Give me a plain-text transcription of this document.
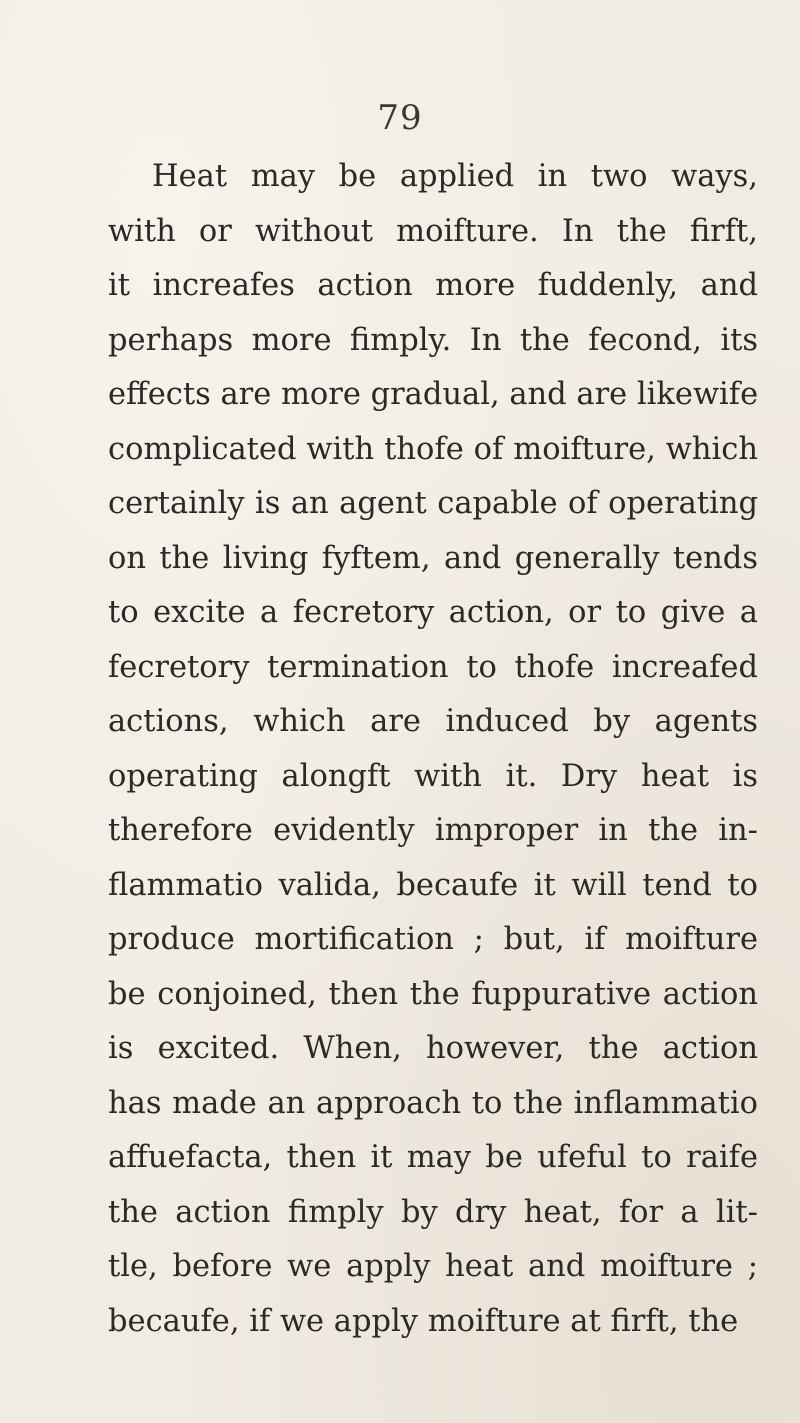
79
Heat may be applied in two ways,
with or without moifture. In the firft,
it increafes action more fuddenly, and
perhaps more fimply. In the fecond, its
effects are more gradual, and are likewife
complicated with thofe of moifture, which
certainly is an agent capable of operating
on the living fyftem, and generally tends
to excite a fecretory action, or to give a
fecretory termination to thofe increafed
actions, which are induced by agents
operating alongft with it. Dry heat is
therefore evidently improper in the in-
flammatio valida, becaufe it will tend to
produce mortification ; but, if moifture
be conjoined, then the fuppurative action
is excited. When, however, the action
has made an approach to the inflammatio
affuefacta, then it may be ufeful to raife
the action fimply by dry heat, for a lit-
tle, before we apply heat and moifture ;
becaufe, if we apply moifture at firft, the
